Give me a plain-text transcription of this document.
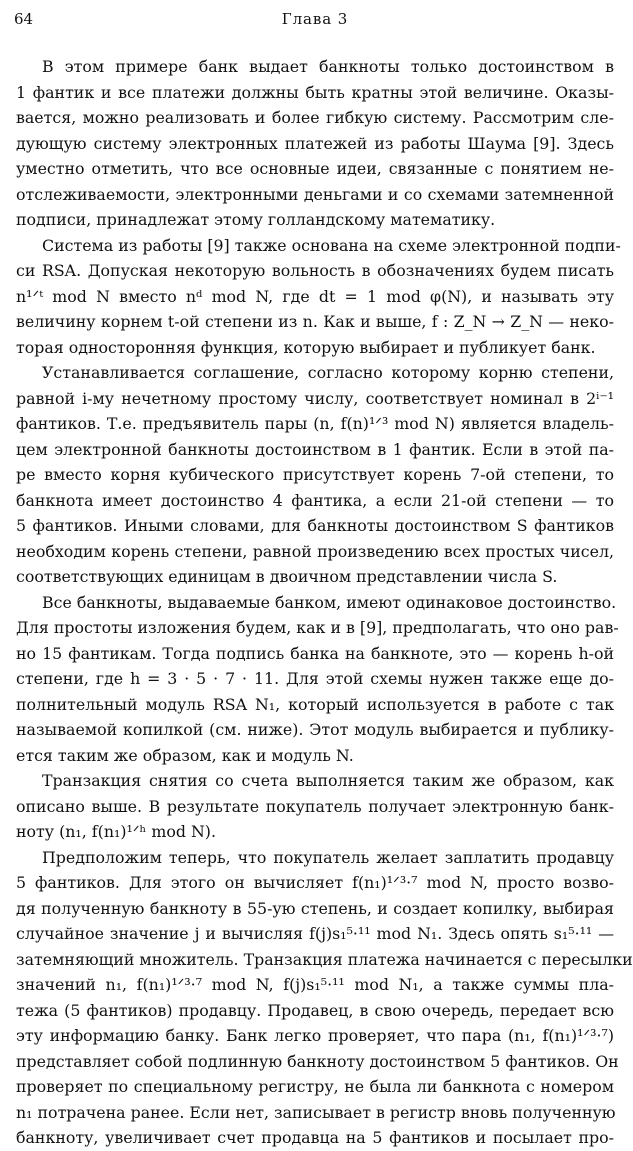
64	Глава 3
В этом примере банк выдает банкноты только достоинством в
1 фантик и все платежи должны быть кратны этой величине. Оказы-
вается, можно реализовать и более гибкую систему. Рассмотрим сле-
дующую систему электронных платежей из работы Шаума [9]. Здесь
уместно отметить, что все основные идеи, связанные с понятием не-
отслеживаемости, электронными деньгами и со схемами затемненной
подписи, принадлежат этому голландскому математику.
Система из работы [9] также основана на схеме электронной подпи-
си RSA. Допуская некоторую вольность в обозначениях будем писать
n¹ᐟᵗ mod N вместо nᵈ mod N, где dt = 1 mod φ(N), и называть эту
величину корнем t-ой степени из n. Как и выше, f : Z_N → Z_N — неко-
торая односторонняя функция, которую выбирает и публикует банк.
Устанавливается соглашение, согласно которому корню степени,
равной i-му нечетному простому числу, соответствует номинал в 2ⁱ⁻¹
фантиков. Т.е. предъявитель пары (n, f(n)¹ᐟ³ mod N) является владель-
цем электронной банкноты достоинством в 1 фантик. Если в этой па-
ре вместо корня кубического присутствует корень 7-ой степени, то
банкнота имеет достоинство 4 фантика, а если 21-ой степени — то
5 фантиков. Иными словами, для банкноты достоинством S фантиков
необходим корень степени, равной произведению всех простых чисел,
соответствующих единицам в двоичном представлении числа S.
Все банкноты, выдаваемые банком, имеют одинаковое достоинство.
Для простоты изложения будем, как и в [9], предполагать, что оно рав-
но 15 фантикам. Тогда подпись банка на банкноте, это — корень h-ой
степени, где h = 3 · 5 · 7 · 11. Для этой схемы нужен также еще до-
полнительный модуль RSA N₁, который используется в работе с так
называемой копилкой (см. ниже). Этот модуль выбирается и публику-
ется таким же образом, как и модуль N.
Транзакция снятия со счета выполняется таким же образом, как
описано выше. В результате покупатель получает электронную банк-
ноту (n₁, f(n₁)¹ᐟʰ mod N).
Предположим теперь, что покупатель желает заплатить продавцу
5 фантиков. Для этого он вычисляет f(n₁)¹ᐟ³·⁷ mod N, просто возво-
дя полученную банкноту в 55-ую степень, и создает копилку, выбирая
случайное значение j и вычисляя f(j)s₁⁵·¹¹ mod N₁. Здесь опять s₁⁵·¹¹ —
затемняющий множитель. Транзакция платежа начинается с пересылки
значений n₁, f(n₁)¹ᐟ³·⁷ mod N, f(j)s₁⁵·¹¹ mod N₁, а также суммы пла-
тежа (5 фантиков) продавцу. Продавец, в свою очередь, передает всю
эту информацию банку. Банк легко проверяет, что пара (n₁, f(n₁)¹ᐟ³·⁷)
представляет собой подлинную банкноту достоинством 5 фантиков. Он
проверяет по специальному регистру, не была ли банкнота с номером
n₁ потрачена ранее. Если нет, записывает в регистр вновь полученную
банкноту, увеличивает счет продавца на 5 фантиков и посылает про-
